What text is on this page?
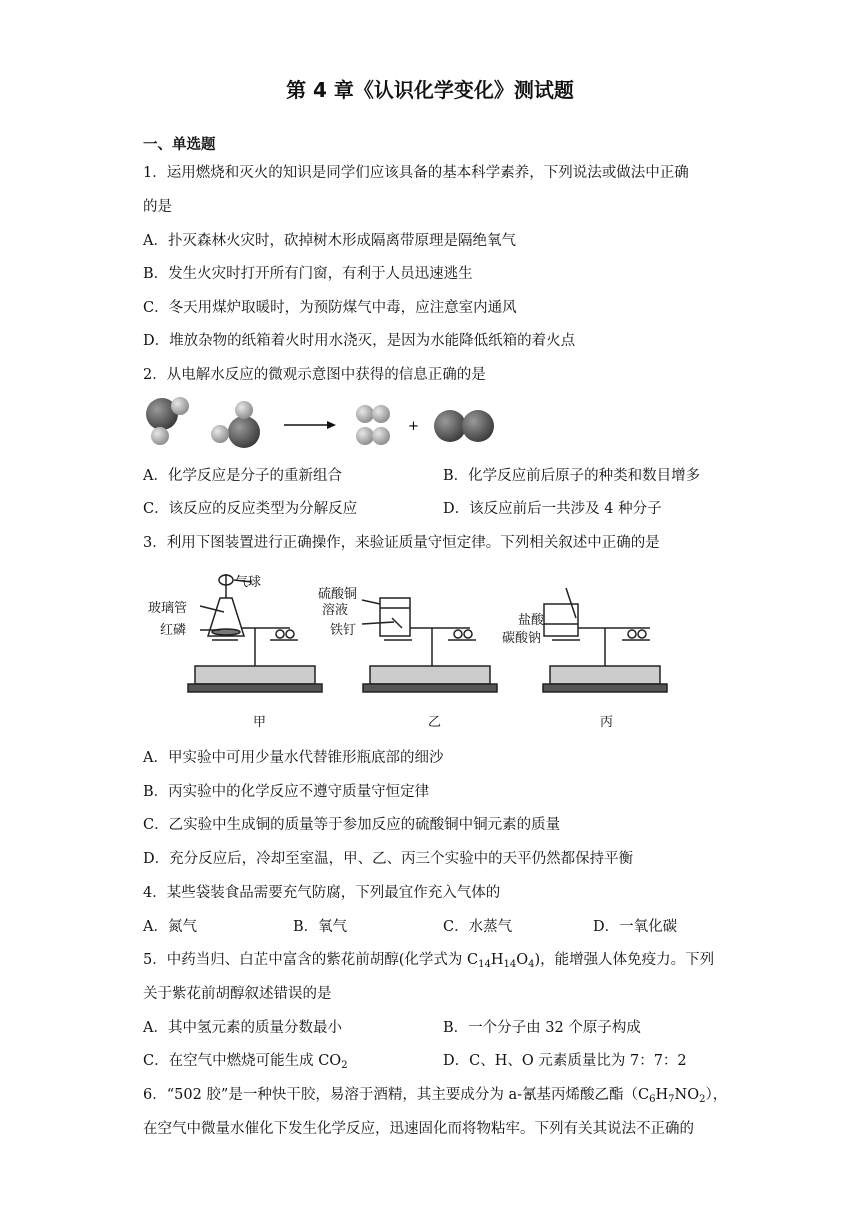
第 4 章《认识化学变化》测试题
一、单选题
1．运用燃烧和灭火的知识是同学们应该具备的基本科学素养，下列说法或做法中正确
的是
A．扑灭森林火灾时，砍掉树木形成隔离带原理是隔绝氧气
B．发生火灾时打开所有门窗，有利于人员迅速逃生
C．冬天用煤炉取暖时，为预防煤气中毒，应注意室内通风
D．堆放杂物的纸箱着火时用水浇灭，是因为水能降低纸箱的着火点
2．从电解水反应的微观示意图中获得的信息正确的是
+
A．化学反应是分子的重新组合	B．化学反应前后原子的种类和数目增多
C．该反应的反应类型为分解反应	D．该反应前后一共涉及 4 种分子
3．利用下图装置进行正确操作，来验证质量守恒定律。下列相关叙述中正确的是
气球
玻璃管
红磷
硫酸铜
溶液
铁钉
盐酸
碳酸钠
甲	乙	丙
A．甲实验中可用少量水代替锥形瓶底部的细沙
B．丙实验中的化学反应不遵守质量守恒定律
C．乙实验中生成铜的质量等于参加反应的硫酸铜中铜元素的质量
D．充分反应后，冷却至室温，甲、乙、丙三个实验中的天平仍然都保持平衡
4．某些袋装食品需要充气防腐，下列最宜作充入气体的
A．氮气	B．氧气	C．水蒸气	D．一氧化碳
5．中药当归、白芷中富含的紫花前胡醇(化学式为 $C_{14}H_{14}O_4$)，能增强人体免疫力。下列
关于紫花前胡醇叙述错误的是
A．其中氢元素的质量分数最小	B．一个分子由 32 个原子构成
C．在空气中燃烧可能生成 $CO_2$	D．C、H、O 元素质量比为 7：7：2
6．“502 胶”是一种快干胶，易溶于酒精，其主要成分为 a-氰基丙烯酸乙酯$(C_6H_7NO_2)$，
在空气中微量水催化下发生化学反应，迅速固化而将物粘牢。下列有关其说法不正确的
